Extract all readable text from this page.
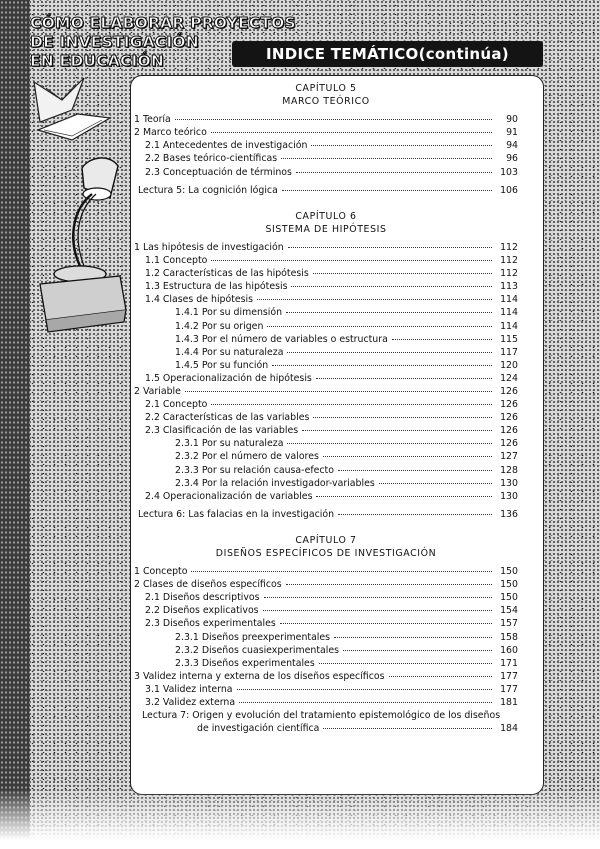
CÓMO ELABORAR PROYECTOS
DE INVESTIGACIÓN
EN EDUCACIÓN	INDICE TEMÁTICO(continúa)
CAPÍTULO 5
MARCO TEÓRICO
1 Teoría	90
2 Marco teórico	91
2.1 Antecedentes de investigación	94
2.2 Bases teórico-científicas	96
2.3 Conceptuación de términos	103
Lectura 5: La cognición lógica	106
CAPÍTULO 6
SISTEMA DE HIPÓTESIS
1 Las hipótesis de investigación	112
1.1 Concepto	112
1.2 Características de las hipótesis	112
1.3 Estructura de las hipótesis	113
1.4 Clases de hipótesis	114
1.4.1 Por su dimensión	114
1.4.2 Por su origen	114
1.4.3 Por el número de variables o estructura	115
1.4.4 Por su naturaleza	117
1.4.5 Por su función	120
1.5 Operacionalización de hipótesis	124
2 Variable	126
2.1 Concepto	126
2.2 Características de las variables	126
2.3 Clasificación de las variables	126
2.3.1 Por su naturaleza	126
2.3.2 Por el número de valores	127
2.3.3 Por su relación causa-efecto	128
2.3.4 Por la relación investigador-variables	130
2.4 Operacionalización de variables	130
Lectura 6: Las falacias en la investigación	136
CAPÍTULO 7
DISEÑOS ESPECÍFICOS DE INVESTIGACIÓN
1 Concepto	150
2 Clases de diseños específicos	150
2.1 Diseños descriptivos	150
2.2 Diseños explicativos	154
2.3 Diseños experimentales	157
2.3.1 Diseños preexperimentales	158
2.3.2 Diseños cuasiexperimentales	160
2.3.3 Diseños experimentales	171
3 Validez interna y externa de los diseños específicos	177
3.1 Validez interna	177
3.2 Validez externa	181
Lectura 7: Origen y evolución del tratamiento epistemológico de los diseños
de investigación científica	184
